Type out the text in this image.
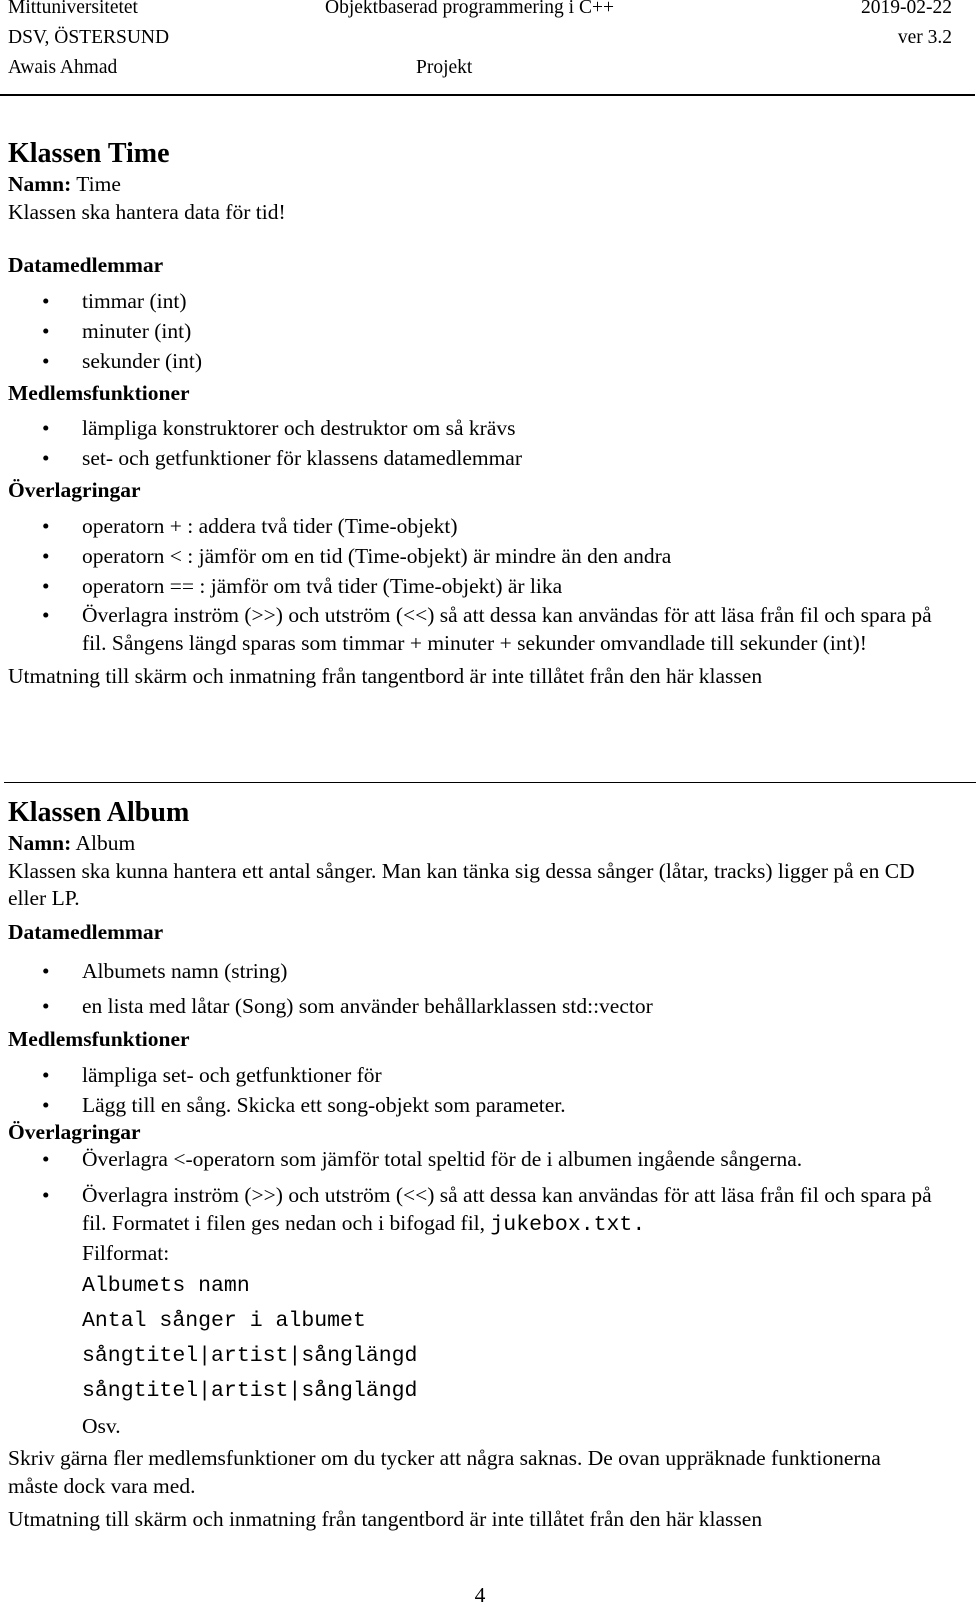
Mittuniversitetet	Objektbaserad programmering i C++	2019-02-22
DSV, ÖSTERSUND	ver 3.2
Awais Ahmad	Projekt
Klassen Time

Namn: Time

Klassen ska hantera data för tid!

Datamedlemmar
• timmar (int)
• minuter (int)
• sekunder (int)
Medlemsfunktioner
• lämpliga konstruktorer och destruktor om så krävs
• set- och getfunktioner för klassens datamedlemmar
Överlagringar
• operatorn + : addera två tider (Time-objekt)
• operatorn < : jämför om en tid (Time-objekt) är mindre än den andra
• operatorn == : jämför om två tider (Time-objekt) är lika
• Överlagra inström (>>) och utström (<<) så att dessa kan användas för att läsa från fil och spara på fil. Sångens längd sparas som timmar + minuter + sekunder omvandlade till sekunder (int)!

Utmatning till skärm och inmatning från tangentbord är inte tillåtet från den här klassen

Klassen Album

Namn: Album

Klassen ska kunna hantera ett antal sånger. Man kan tänka sig dessa sånger (låtar, tracks) ligger på en CD eller LP.

Datamedlemmar
• Albumets namn (string)
• en lista med låtar (Song) som använder behållarklassen std::vector
Medlemsfunktioner
• lämpliga set- och getfunktioner för
• Lägg till en sång. Skicka ett song-objekt som parameter.
Överlagringar
• Överlagra <-operatorn som jämför total speltid för de i albumen ingående sångerna.
• Överlagra inström (>>) och utström (<<) så att dessa kan användas för att läsa från fil och spara på fil. Formatet i filen ges nedan och i bifogad fil, jukebox.txt.

Filformat:

Albumets namn
Antal sånger i albumet
sångtitel|artist|sånglängd
sångtitel|artist|sånglängd

Osv.

Skriv gärna fler medlemsfunktioner om du tycker att några saknas. De ovan uppräknade funktionerna måste dock vara med.

Utmatning till skärm och inmatning från tangentbord är inte tillåtet från den här klassen

4
